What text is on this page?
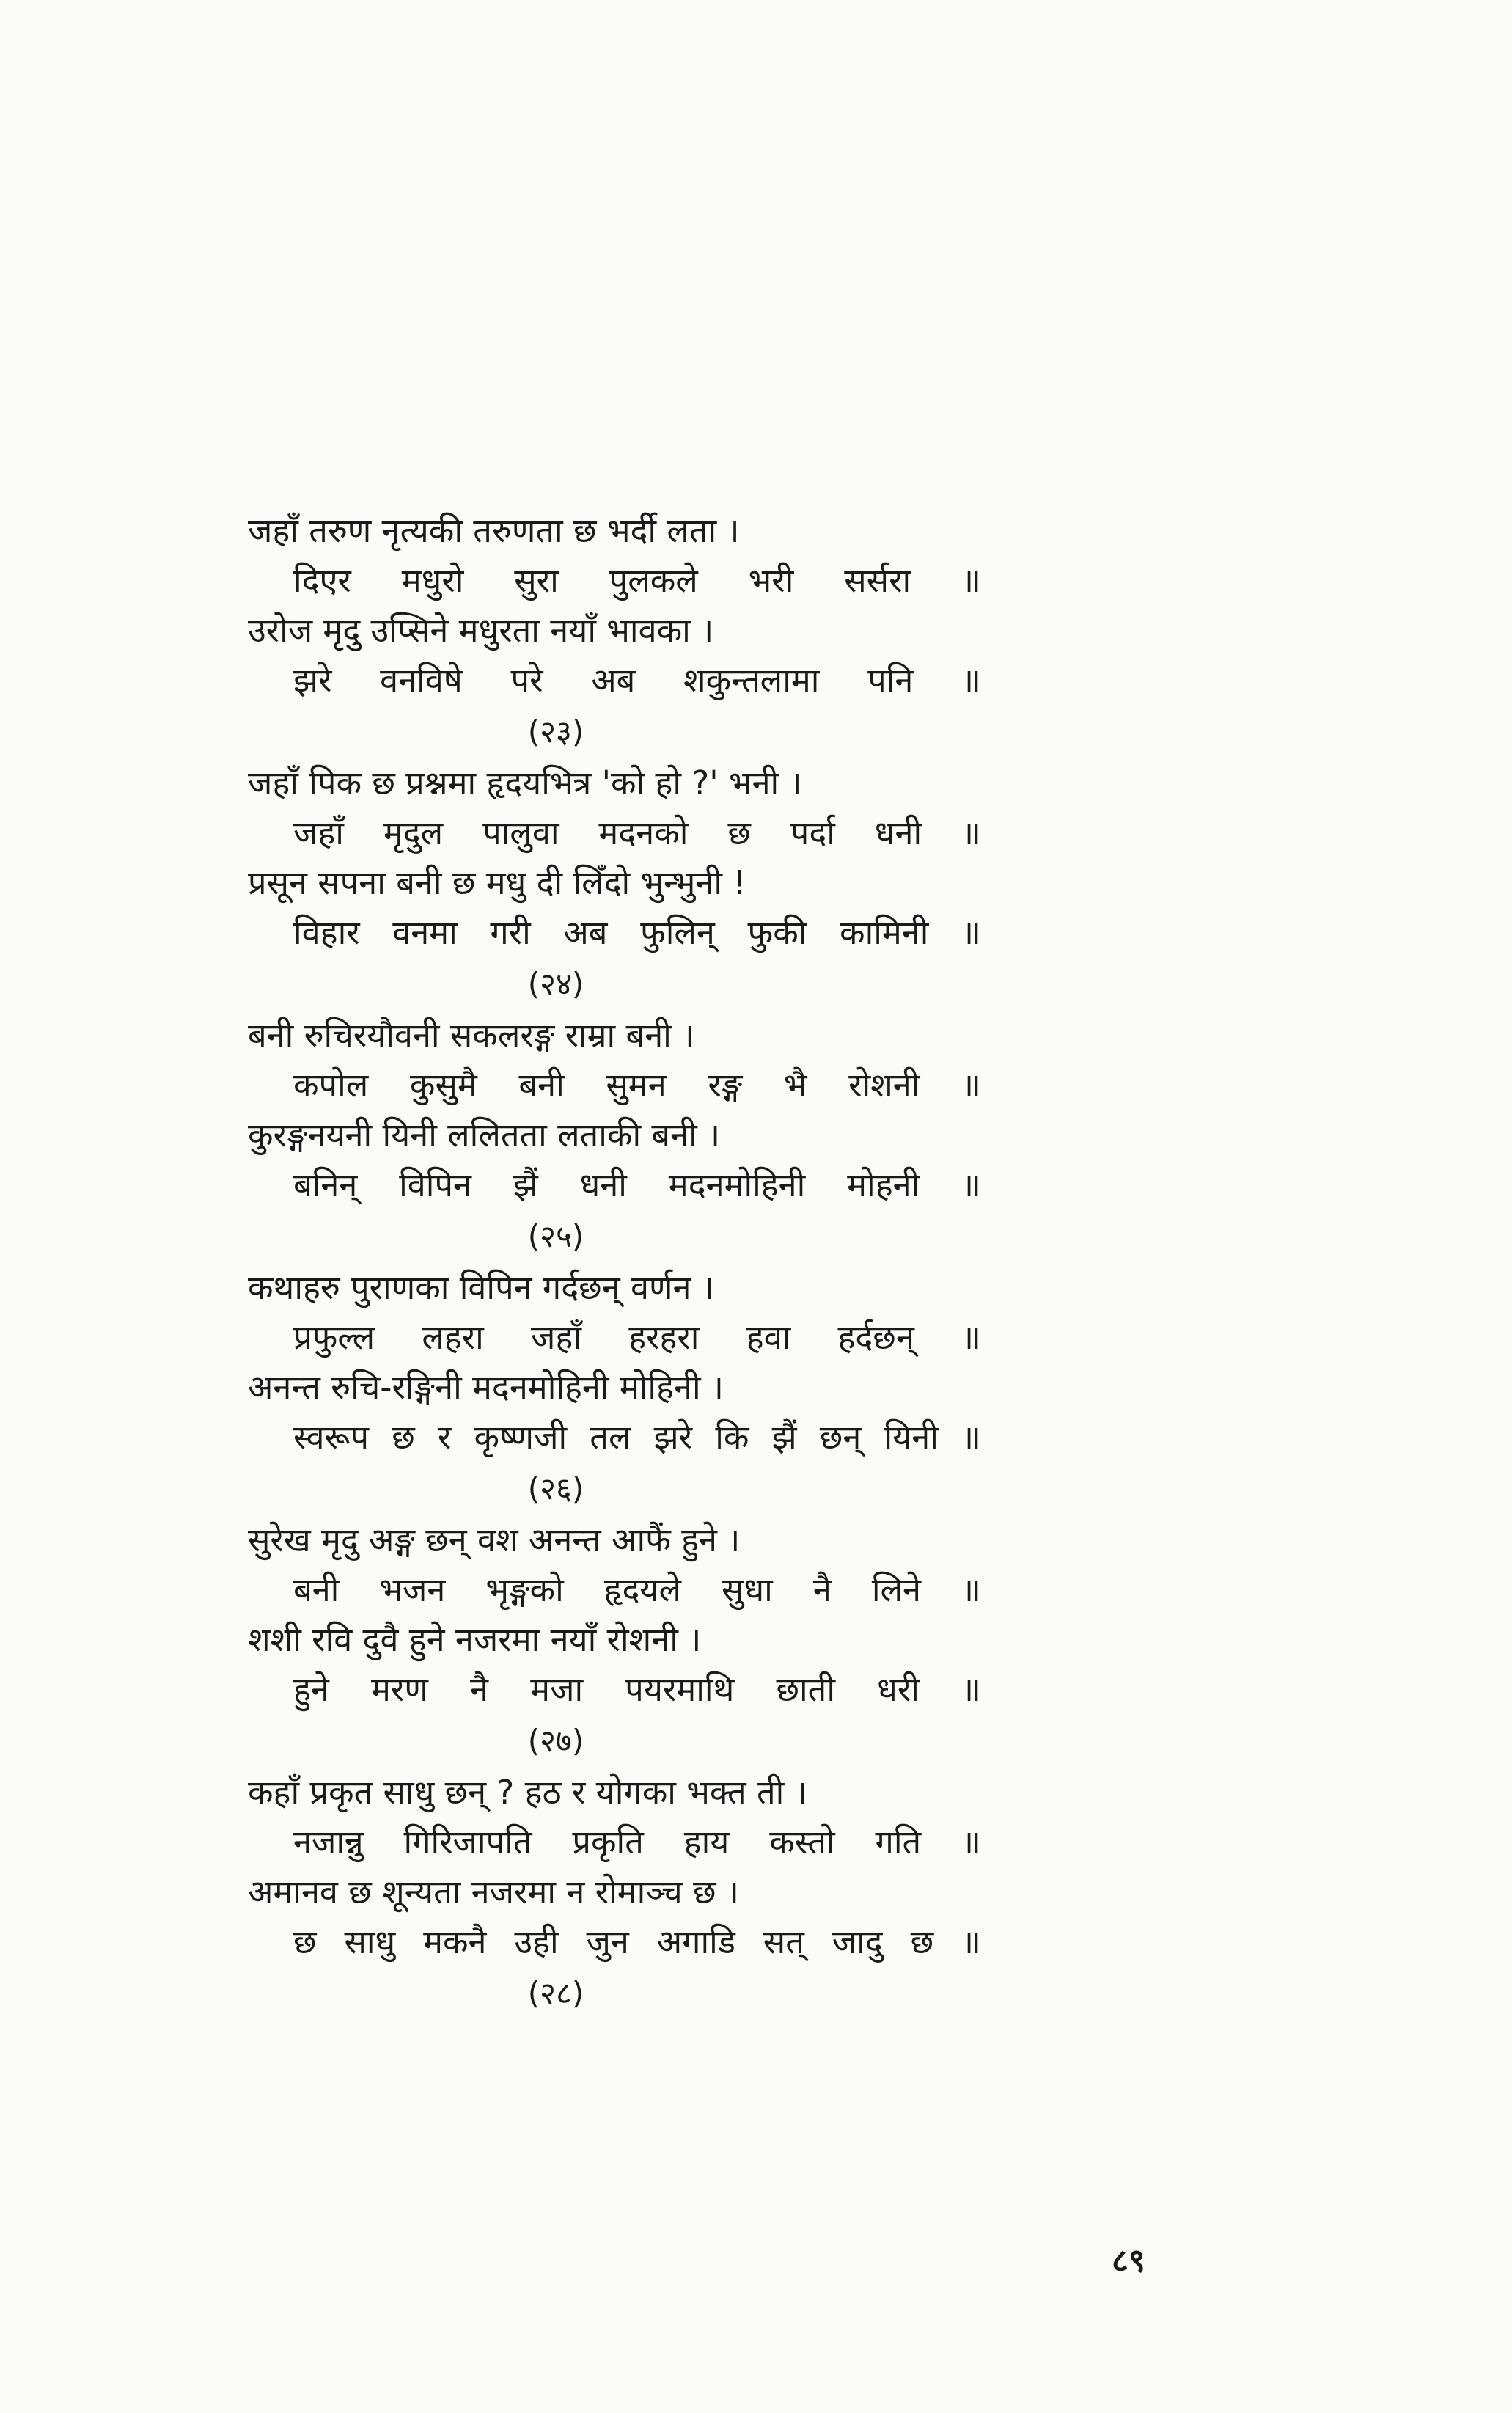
जहाँ तरुण नृत्यकी तरुणता छ भर्दी लता ।
दिएर मधुरो सुरा पुलकले भरी सर्सरा ॥
उरोज मृदु उप्सिने मधुरता नयाँ भावका ।
झरे वनविषे परे अब शकुन्तलामा पनि ॥
(२३)
जहाँ पिक छ प्रश्नमा हृदयभित्र 'को हो ?' भनी ।
जहाँ मृदुल पालुवा मदनको छ पर्दा धनी ॥
प्रसून सपना बनी छ मधु दी लिँदो भुन्भुनी !
विहार वनमा गरी अब फुलिन् फुकी कामिनी ॥
(२४)
बनी रुचिरयौवनी सकलरङ्ग राम्रा बनी ।
कपोल कुसुमै बनी सुमन रङ्ग भै रोशनी ॥
कुरङ्गनयनी यिनी ललितता लताकी बनी ।
बनिन् विपिन झैं धनी मदनमोहिनी मोहनी ॥
(२५)
कथाहरु पुराणका विपिन गर्दछन् वर्णन ।
प्रफुल्ल लहरा जहाँ हरहरा हवा हर्दछन् ॥
अनन्त रुचि-रङ्गिनी मदनमोहिनी मोहिनी ।
स्वरूप छ र कृष्णजी तल झरे कि झैं छन् यिनी ॥
(२६)
सुरेख मृदु अङ्ग छन् वश अनन्त आफैं हुने ।
बनी भजन भृङ्गको हृदयले सुधा नै लिने ॥
शशी रवि दुवै हुने नजरमा नयाँ रोशनी ।
हुने मरण नै मजा पयरमाथि छाती धरी ॥
(२७)
कहाँ प्रकृत साधु छन् ? हठ र योगका भक्त ती ।
नजान्नु गिरिजापति प्रकृति हाय कस्तो गति ॥
अमानव छ शून्यता नजरमा न रोमाञ्च छ ।
छ साधु मकनै उही जुन अगाडि सत् जादु छ ॥
(२८)
८९
